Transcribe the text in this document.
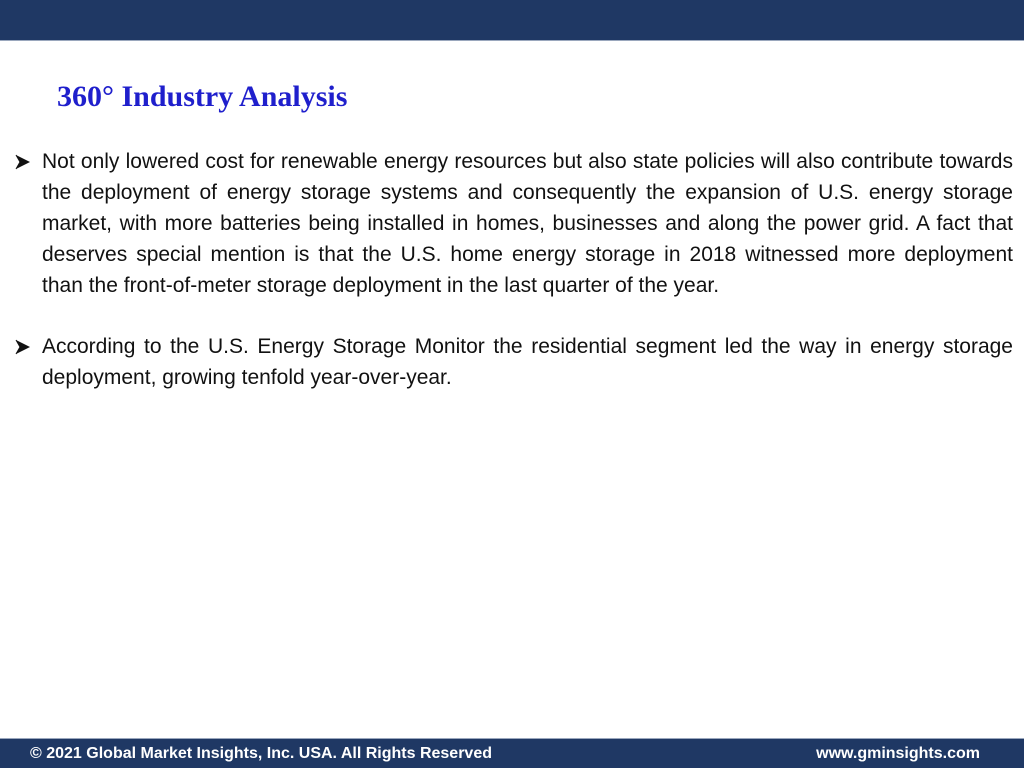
360° Industry Analysis
Not only lowered cost for renewable energy resources but also state policies will also contribute towards the deployment of energy storage systems and consequently the expansion of U.S. energy storage market, with more batteries being installed in homes, businesses and along the power grid. A fact that deserves special mention is that the U.S. home energy storage in 2018 witnessed more deployment than the front-of-meter storage deployment in the last quarter of the year.
According to the U.S. Energy Storage Monitor the residential segment led the way in energy storage deployment, growing tenfold year-over-year.
© 2021 Global Market Insights, Inc. USA. All Rights Reserved	www.gminsights.com
